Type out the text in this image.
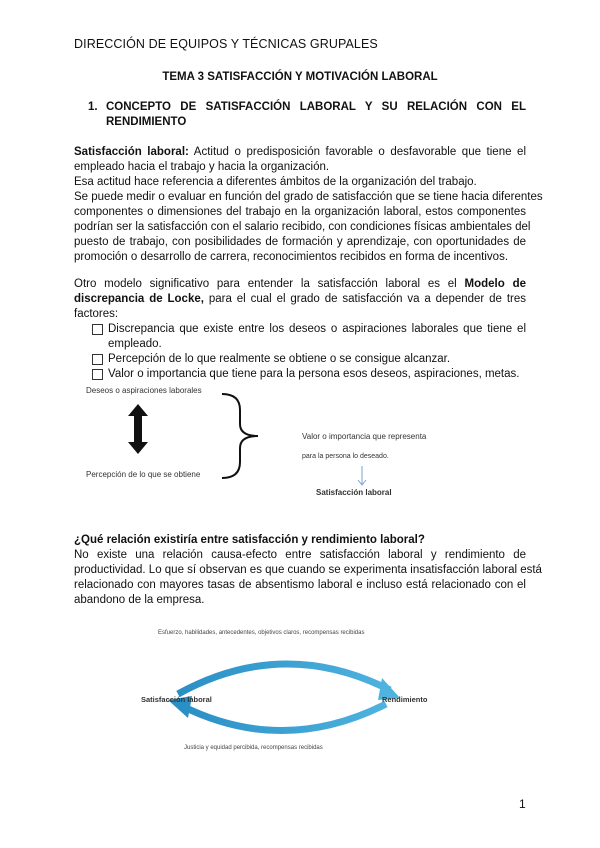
DIRECCIÓN DE EQUIPOS Y TÉCNICAS GRUPALES
TEMA 3 SATISFACCIÓN Y MOTIVACIÓN LABORAL
1. CONCEPTO DE SATISFACCIÓN LABORAL Y SU RELACIÓN CON EL
RENDIMIENTO
Satisfacción laboral: Actitud o predisposición favorable o desfavorable que tiene el
empleado hacia el trabajo y hacia la organización.
Esa actitud hace referencia a diferentes ámbitos de la organización del trabajo.
Se puede medir o evaluar en función del grado de satisfacción que se tiene hacia diferentes
componentes o dimensiones del trabajo en la organización laboral, estos componentes
podrían ser la satisfacción con el salario recibido, con condiciones físicas ambientales del
puesto de trabajo, con posibilidades de formación y aprendizaje, con oportunidades de
promoción o desarrollo de carrera, reconocimientos recibidos en forma de incentivos.
Otro modelo significativo para entender la satisfacción laboral es el Modelo de
discrepancia de Locke, para el cual el grado de satisfacción va a depender de tres
factores:
Discrepancia que existe entre los deseos o aspiraciones laborales que tiene el
empleado.
Percepción de lo que realmente se obtiene o se consigue alcanzar.
Valor o importancia que tiene para la persona esos deseos, aspiraciones, metas.
Deseos o aspiraciones laborales
Percepción de lo que se obtiene
Valor o importancia que representa
para la persona lo deseado.
Satisfacción laboral
¿Qué relación existiría entre satisfacción y rendimiento laboral?
No existe una relación causa-efecto entre satisfacción laboral y rendimiento de
productividad. Lo que sí observan es que cuando se experimenta insatisfacción laboral está
relacionado con mayores tasas de absentismo laboral e incluso está relacionado con el
abandono de la empresa.
Esfuerzo, habilidades, antecedentes, objetivos claros, recompensas recibidas
Satisfacción laboral	Rendimiento
Justicia y equidad percibida, recompensas recibidas
1
